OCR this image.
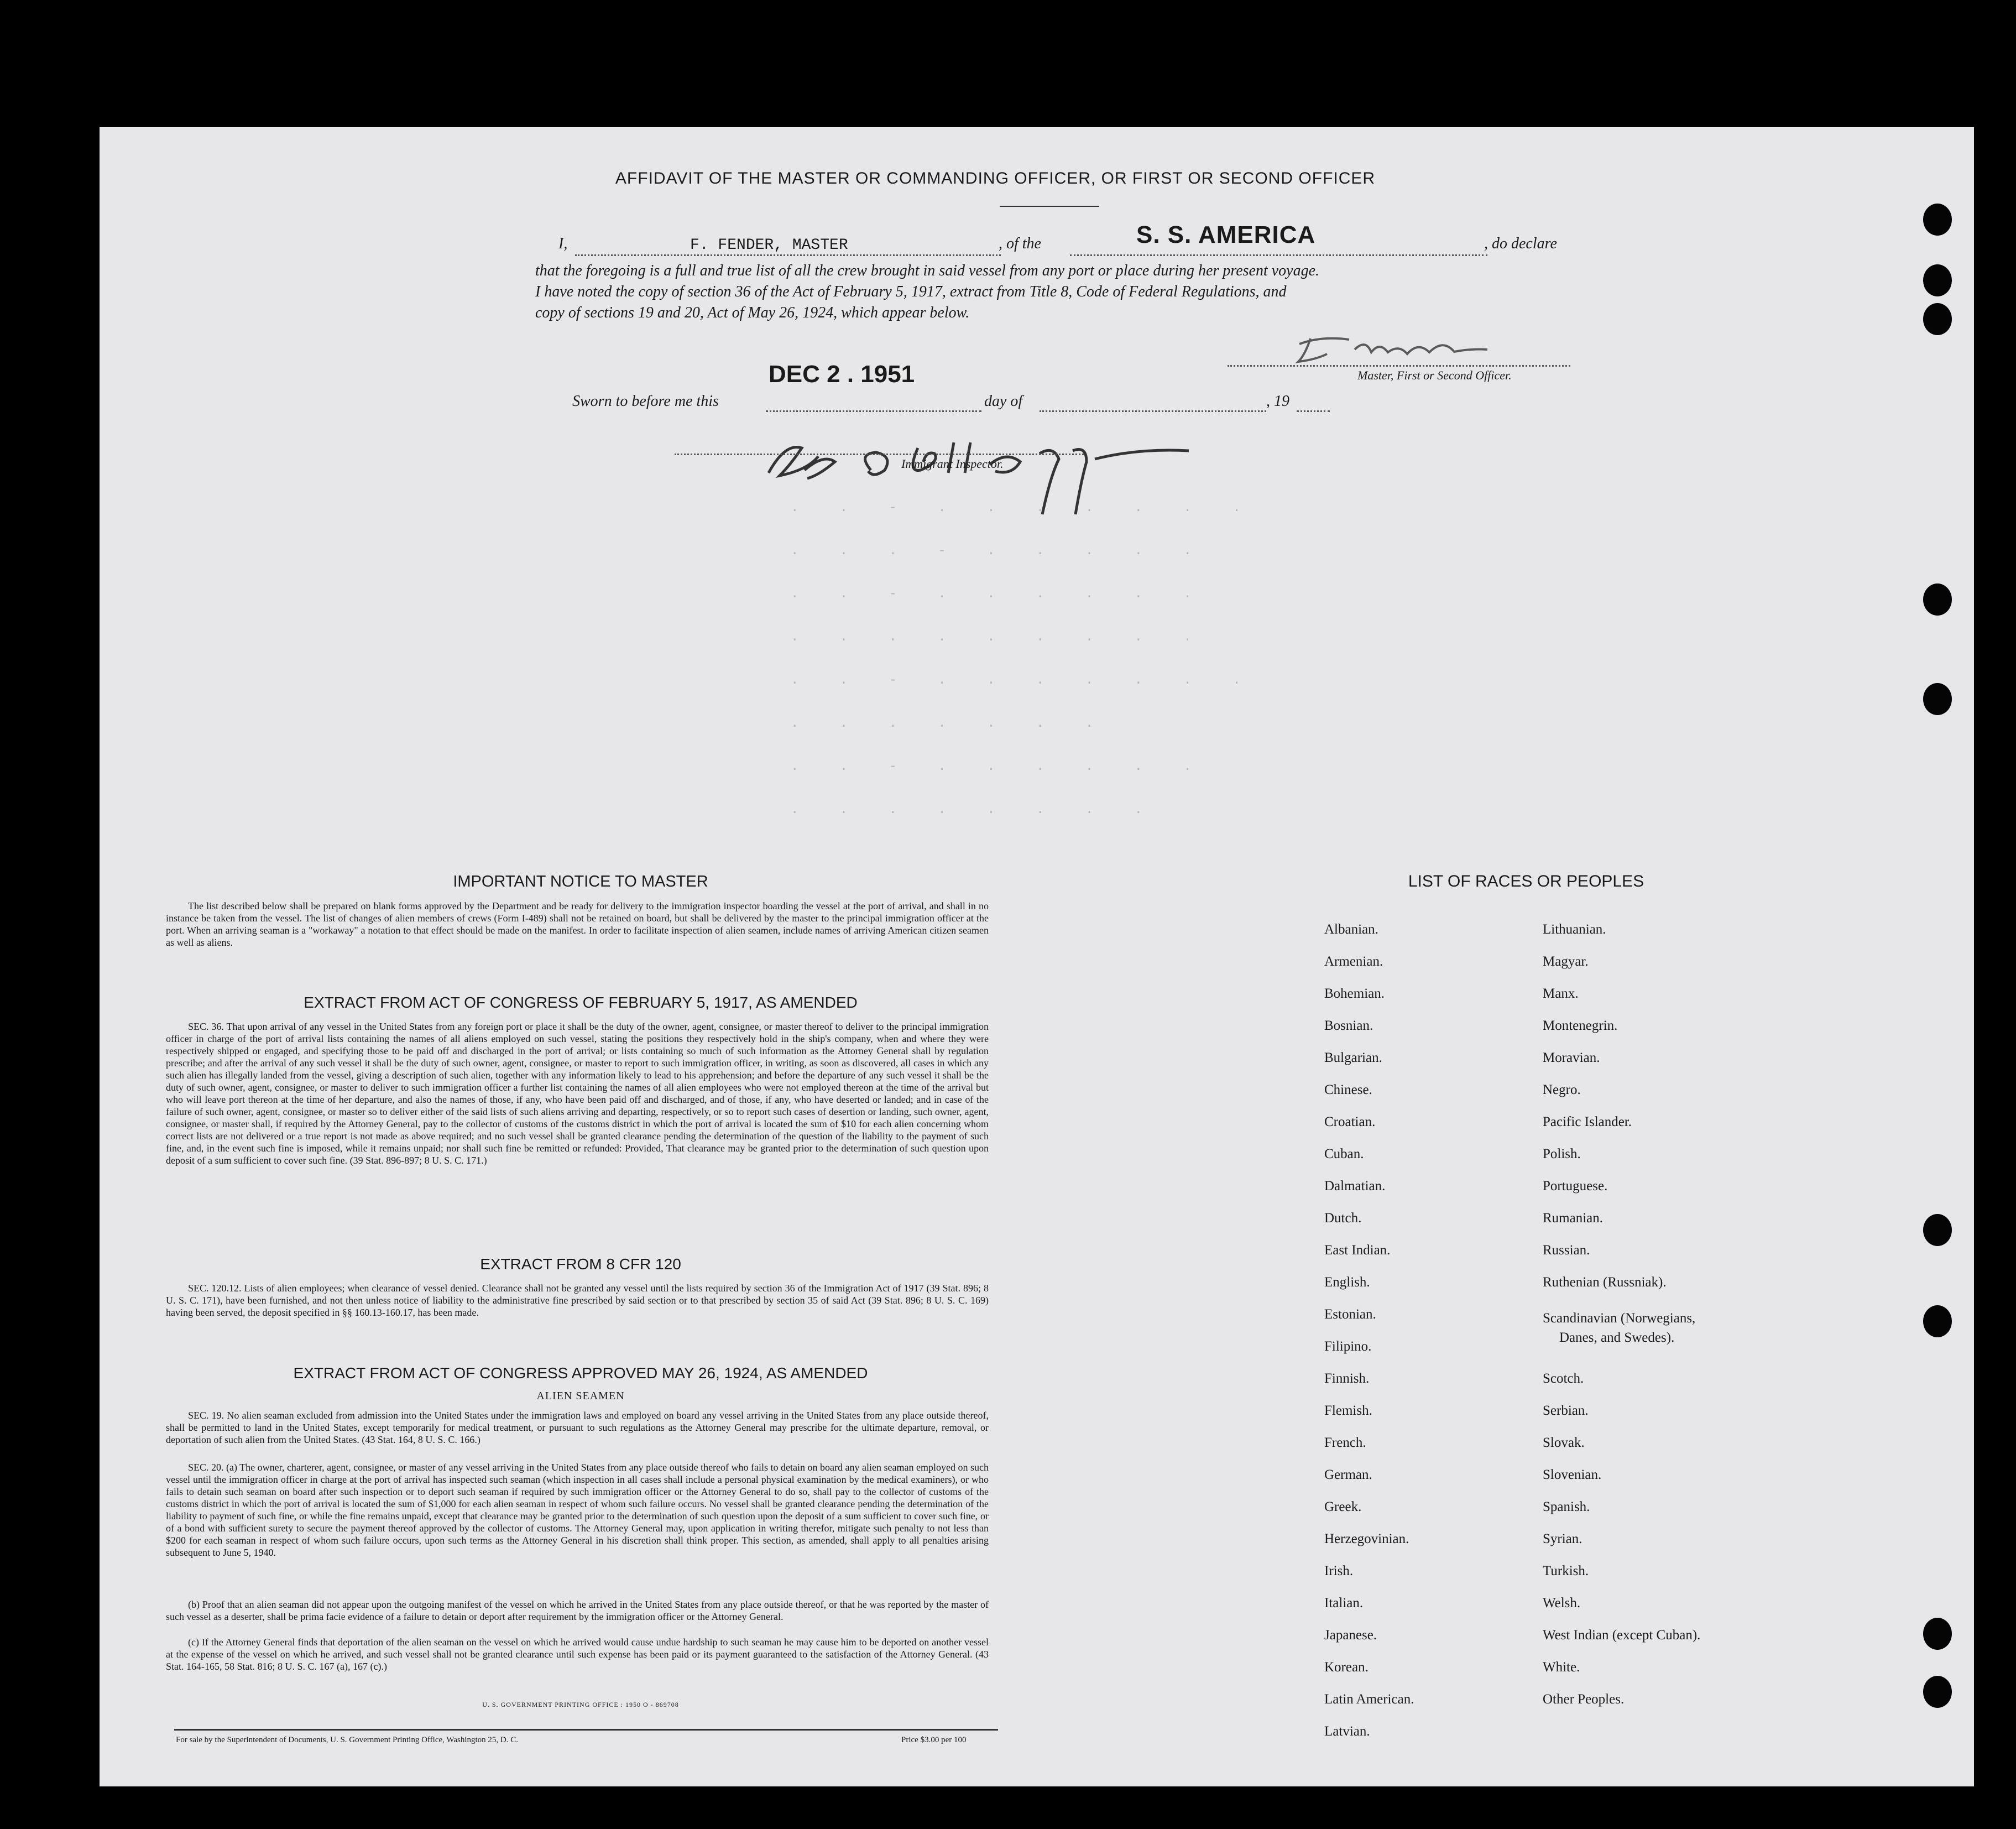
. . - . . . . . . .
. . . - . . . . .
. . - . . . . . .
. . . . . . . . .
. . - . . . . . . .
. . . . . . .
. . - . . . . . .
. . . . . . . .
AFFIDAVIT OF THE MASTER OR COMMANDING OFFICER, OR FIRST OR SECOND OFFICER
I,	F. FENDER, MASTER	, of the	S. S. AMERICA	, do declare
that the foregoing is a full and true list of all the crew brought in said vessel from any port or place during her present voyage.
I have noted the copy of section 36 of the Act of February 5, 1917, extract from Title 8, Code of Federal Regulations, and
copy of sections 19 and 20, Act of May 26, 1924, which appear below.
Master, First or Second Officer.
DEC 2 . 1951
Sworn to before me this	day of	, 19
Immigrant Inspector.
IMPORTANT NOTICE TO MASTER
The list described below shall be prepared on blank forms approved by the Department and be ready for delivery to the immigration inspector boarding the vessel at the port of arrival, and shall in no instance be taken from the vessel. The list of changes of alien members of crews (Form I-489) shall not be retained on board, but shall be delivered by the master to the principal immigration officer at the port. When an arriving seaman is a "workaway" a notation to that effect should be made on the manifest. In order to facilitate inspection of alien seamen, include names of arriving American citizen seamen as well as aliens.
EXTRACT FROM ACT OF CONGRESS OF FEBRUARY 5, 1917, AS AMENDED
SEC. 36. That upon arrival of any vessel in the United States from any foreign port or place it shall be the duty of the owner, agent, consignee, or master thereof to deliver to the principal immigration officer in charge of the port of arrival lists containing the names of all aliens employed on such vessel, stating the positions they respectively hold in the ship's company, when and where they were respectively shipped or engaged, and specifying those to be paid off and discharged in the port of arrival; or lists containing so much of such information as the Attorney General shall by regulation prescribe; and after the arrival of any such vessel it shall be the duty of such owner, agent, consignee, or master to report to such immigration officer, in writing, as soon as discovered, all cases in which any such alien has illegally landed from the vessel, giving a description of such alien, together with any information likely to lead to his apprehension; and before the departure of any such vessel it shall be the duty of such owner, agent, consignee, or master to deliver to such immigration officer a further list containing the names of all alien employees who were not employed thereon at the time of the arrival but who will leave port thereon at the time of her departure, and also the names of those, if any, who have been paid off and discharged, and of those, if any, who have deserted or landed; and in case of the failure of such owner, agent, consignee, or master so to deliver either of the said lists of such aliens arriving and departing, respectively, or so to report such cases of desertion or landing, such owner, agent, consignee, or master shall, if required by the Attorney General, pay to the collector of customs of the customs district in which the port of arrival is located the sum of $10 for each alien concerning whom correct lists are not delivered or a true report is not made as above required; and no such vessel shall be granted clearance pending the determination of the question of the liability to the payment of such fine, and, in the event such fine is imposed, while it remains unpaid; nor shall such fine be remitted or refunded: Provided, That clearance may be granted prior to the determination of such question upon deposit of a sum sufficient to cover such fine. (39 Stat. 896-897; 8 U. S. C. 171.)
EXTRACT FROM 8 CFR 120
SEC. 120.12. Lists of alien employees; when clearance of vessel denied. Clearance shall not be granted any vessel until the lists required by section 36 of the Immigration Act of 1917 (39 Stat. 896; 8 U. S. C. 171), have been furnished, and not then unless notice of liability to the administrative fine prescribed by said section or to that prescribed by section 35 of said Act (39 Stat. 896; 8 U. S. C. 169) having been served, the deposit specified in §§ 160.13-160.17, has been made.
EXTRACT FROM ACT OF CONGRESS APPROVED MAY 26, 1924, AS AMENDED
ALIEN SEAMEN
SEC. 19. No alien seaman excluded from admission into the United States under the immigration laws and employed on board any vessel arriving in the United States from any place outside thereof, shall be permitted to land in the United States, except temporarily for medical treatment, or pursuant to such regulations as the Attorney General may prescribe for the ultimate departure, removal, or deportation of such alien from the United States. (43 Stat. 164, 8 U. S. C. 166.)
SEC. 20. (a) The owner, charterer, agent, consignee, or master of any vessel arriving in the United States from any place outside thereof who fails to detain on board any alien seaman employed on such vessel until the immigration officer in charge at the port of arrival has inspected such seaman (which inspection in all cases shall include a personal physical examination by the medical examiners), or who fails to detain such seaman on board after such inspection or to deport such seaman if required by such immigration officer or the Attorney General to do so, shall pay to the collector of customs of the customs district in which the port of arrival is located the sum of $1,000 for each alien seaman in respect of whom such failure occurs. No vessel shall be granted clearance pending the determination of the liability to payment of such fine, or while the fine remains unpaid, except that clearance may be granted prior to the determination of such question upon the deposit of a sum sufficient to cover such fine, or of a bond with sufficient surety to secure the payment thereof approved by the collector of customs. The Attorney General may, upon application in writing therefor, mitigate such penalty to not less than $200 for each seaman in respect of whom such failure occurs, upon such terms as the Attorney General in his discretion shall think proper. This section, as amended, shall apply to all penalties arising subsequent to June 5, 1940.
(b) Proof that an alien seaman did not appear upon the outgoing manifest of the vessel on which he arrived in the United States from any place outside thereof, or that he was reported by the master of such vessel as a deserter, shall be prima facie evidence of a failure to detain or deport after requirement by the immigration officer or the Attorney General.
(c) If the Attorney General finds that deportation of the alien seaman on the vessel on which he arrived would cause undue hardship to such seaman he may cause him to be deported on another vessel at the expense of the vessel on which he arrived, and such vessel shall not be granted clearance until such expense has been paid or its payment guaranteed to the satisfaction of the Attorney General. (43 Stat. 164-165, 58 Stat. 816; 8 U. S. C. 167 (a), 167 (c).)
U. S. GOVERNMENT PRINTING OFFICE : 1950 O - 869708
For sale by the Superintendent of Documents, U. S. Government Printing Office, Washington 25, D. C.	Price $3.00 per 100
LIST OF RACES OR PEOPLES
Albanian.
Armenian.
Bohemian.
Bosnian.
Bulgarian.
Chinese.
Croatian.
Cuban.
Dalmatian.
Dutch.
East Indian.
English.
Estonian.
Filipino.
Finnish.
Flemish.
French.
German.
Greek.
Herzegovinian.
Irish.
Italian.
Japanese.
Korean.
Latin American.
Latvian.
Lithuanian.
Magyar.
Manx.
Montenegrin.
Moravian.
Negro.
Pacific Islander.
Polish.
Portuguese.
Rumanian.
Russian.
Ruthenian (Russniak).
Scandinavian (Norwegians,
Danes, and Swedes).
Scotch.
Serbian.
Slovak.
Slovenian.
Spanish.
Syrian.
Turkish.
Welsh.
West Indian (except Cuban).
White.
Other Peoples.
